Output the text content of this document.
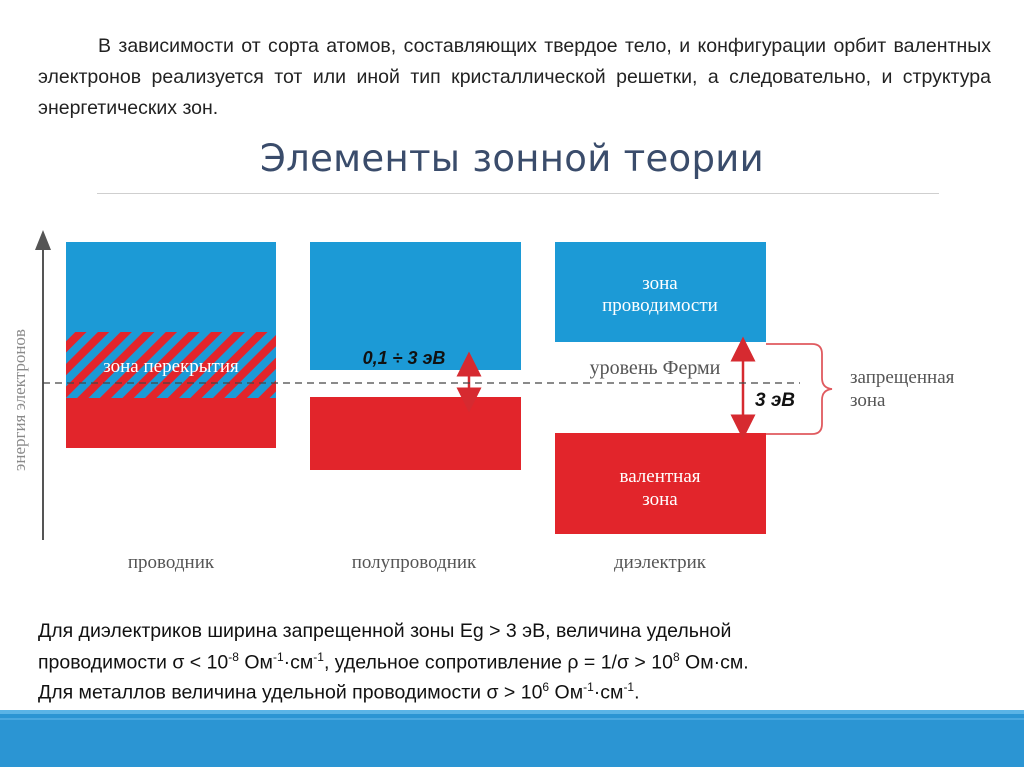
В зависимости от сорта атомов, составляющих твердое тело, и конфигурации орбит валентных электронов реализуется тот или иной тип кристаллической решетки, а следовательно, и структура энергетических зон.

Элементы зонной теории
энергия электронов	зона перекрытия	0,1 ÷ 3 эВ
зона
проводимости
валентная
зона
уровень Ферми
3 эВ
запрещенная
зона
проводник	полупроводник	диэлектрик

Для диэлектриков ширина запрещенной зоны Eg > 3 эВ, величина удельной

проводимости $\sigma < 10^{-8}$ $Ом^{-1}\cdot см^{-1}$, удельное сопротивление $\rho = 1/\sigma > 10^8$ Ом·см.

Для металлов величина удельной проводимости $\sigma > 10^6$ $Ом^{-1}\cdot см^{-1}$.
